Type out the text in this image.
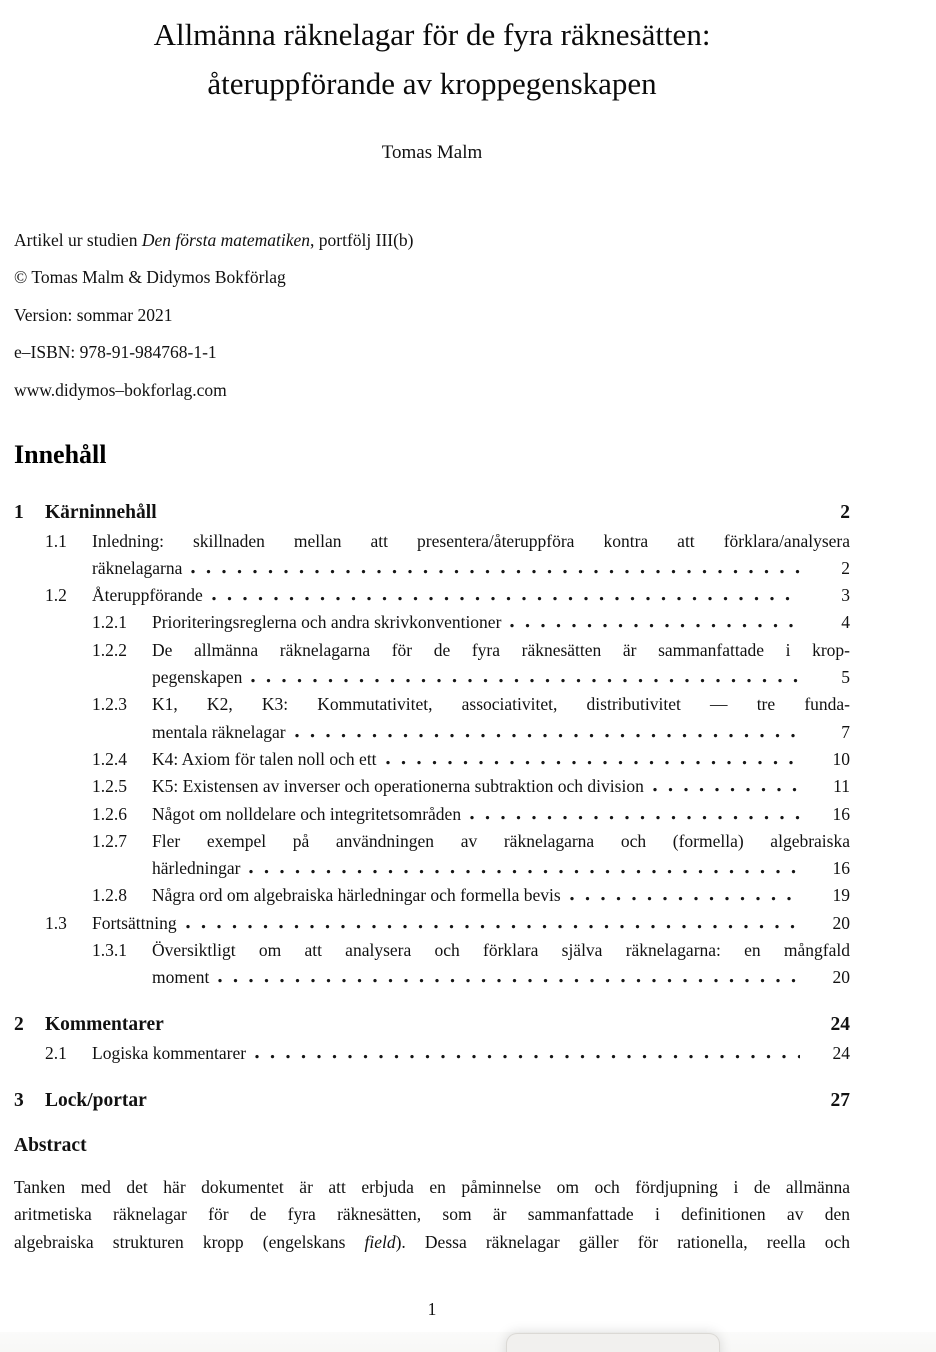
Allmänna räknelagar för de fyra räknesätten:
återuppförande av kroppegenskapen
Tomas Malm
Artikel ur studien Den första matematiken, portfölj III(b)
© Tomas Malm & Didymos Bokförlag
Version: sommar 2021
e–ISBN: 978-91-984768-1-1
www.didymos–bokforlag.com
Innehåll
1	Kärninnehåll	2
1.1	Inledning: skillnaden mellan att presentera/återuppföra kontra att förklara/analysera
räknelagarna	2
1.2	Återuppförande	3
1.2.1	Prioriteringsreglerna och andra skrivkonventioner	4
1.2.2	De allmänna räknelagarna för de fyra räknesätten är sammanfattade i krop-
pegenskapen	5
1.2.3	K1, K2, K3: Kommutativitet, associativitet, distributivitet — tre funda-
mentala räknelagar	7
1.2.4	K4: Axiom för talen noll och ett	10
1.2.5	K5: Existensen av inverser och operationerna subtraktion och division	11
1.2.6	Något om nolldelare och integritetsområden	16
1.2.7	Fler exempel på användningen av räknelagarna och (formella) algebraiska
härledningar	16
1.2.8	Några ord om algebraiska härledningar och formella bevis	19
1.3	Fortsättning	20
1.3.1	Översiktligt om att analysera och förklara själva räknelagarna: en mångfald
moment	20
2	Kommentarer	24
2.1	Logiska kommentarer	24
3	Lock/portar	27
Abstract
Tanken med det här dokumentet är att erbjuda en påminnelse om och fördjupning i de allmänna
aritmetiska räknelagar för de fyra räknesätten, som är sammanfattade i definitionen av den
algebraiska strukturen kropp (engelskans field). Dessa räknelagar gäller för rationella, reella och
1
